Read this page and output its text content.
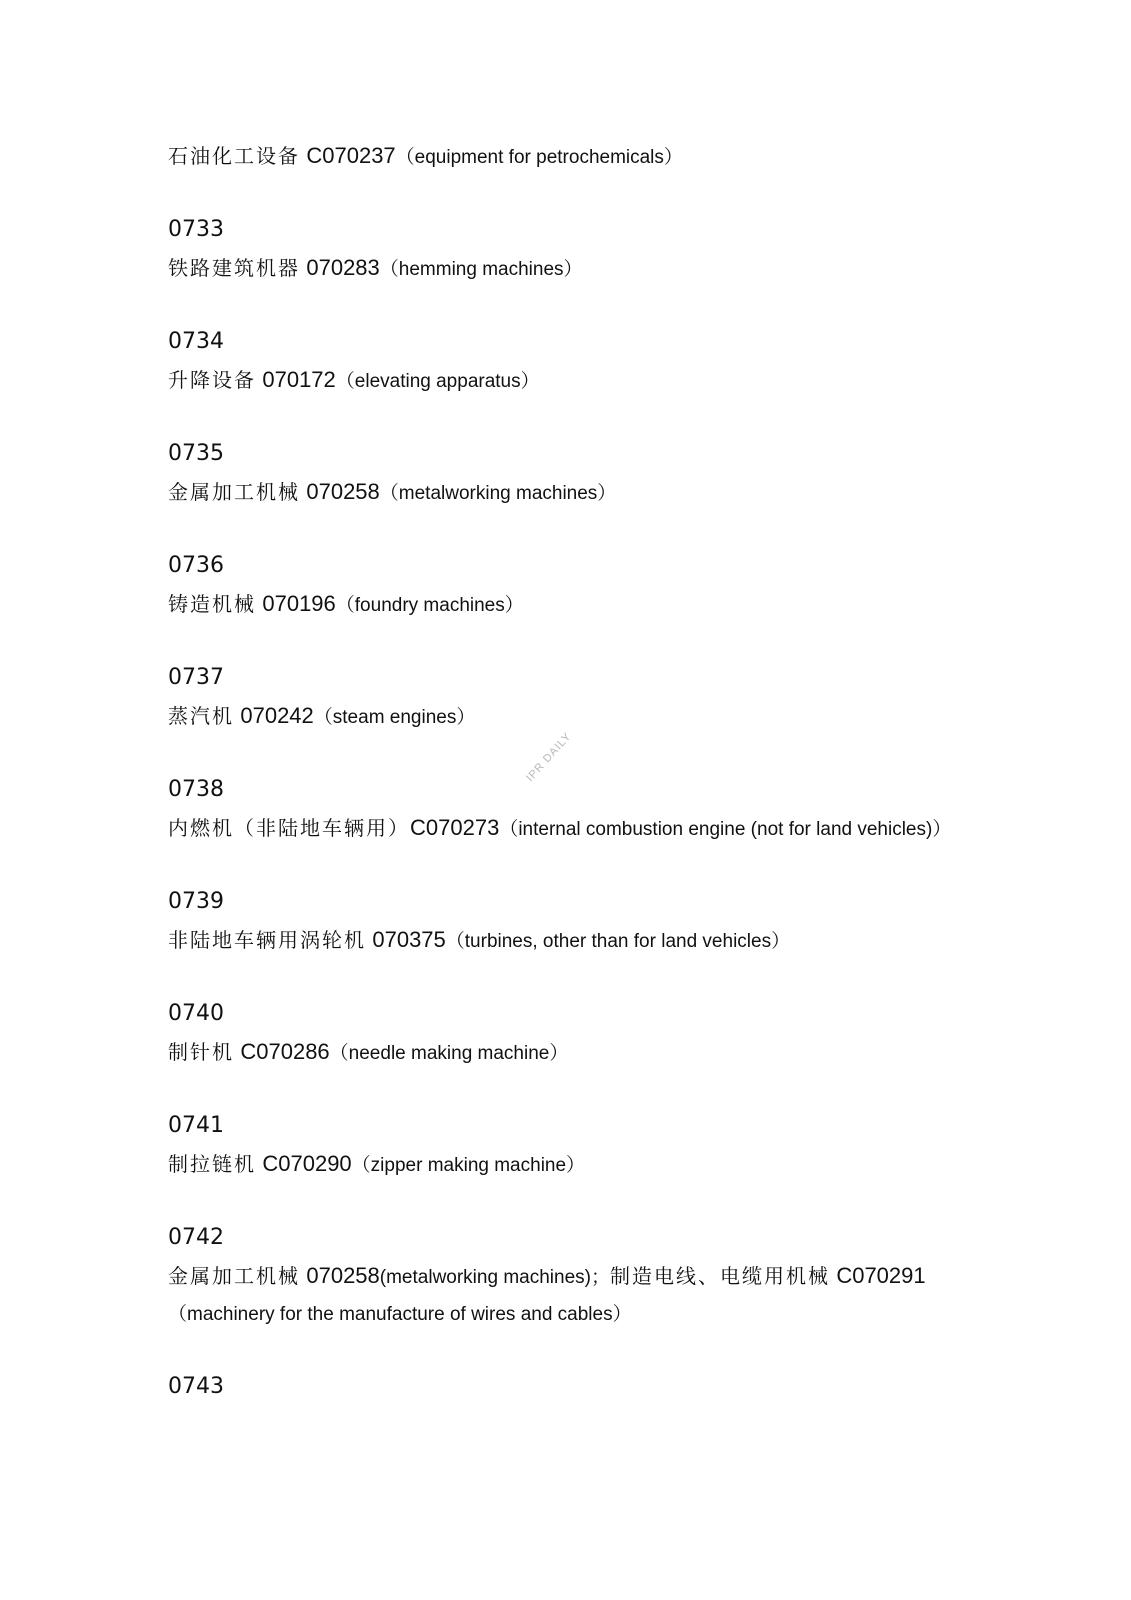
石油化工设备 C070237（equipment for petrochemicals）
0733
铁路建筑机器 070283（hemming machines）
0734
升降设备 070172（elevating apparatus）
0735
金属加工机械 070258（metalworking machines）
0736
铸造机械 070196（foundry machines）
0737
蒸汽机 070242（steam engines）
IPR DAILY
0738
内燃机（非陆地车辆用）C070273（internal combustion engine (not for land vehicles)）
0739
非陆地车辆用涡轮机 070375（turbines, other than for land vehicles）
0740
制针机 C070286（needle making machine）
0741
制拉链机 C070290（zipper making machine）
0742
金属加工机械 070258(metalworking machines)；制造电线、电缆用机械 C070291
（machinery for the manufacture of wires and cables）
0743
